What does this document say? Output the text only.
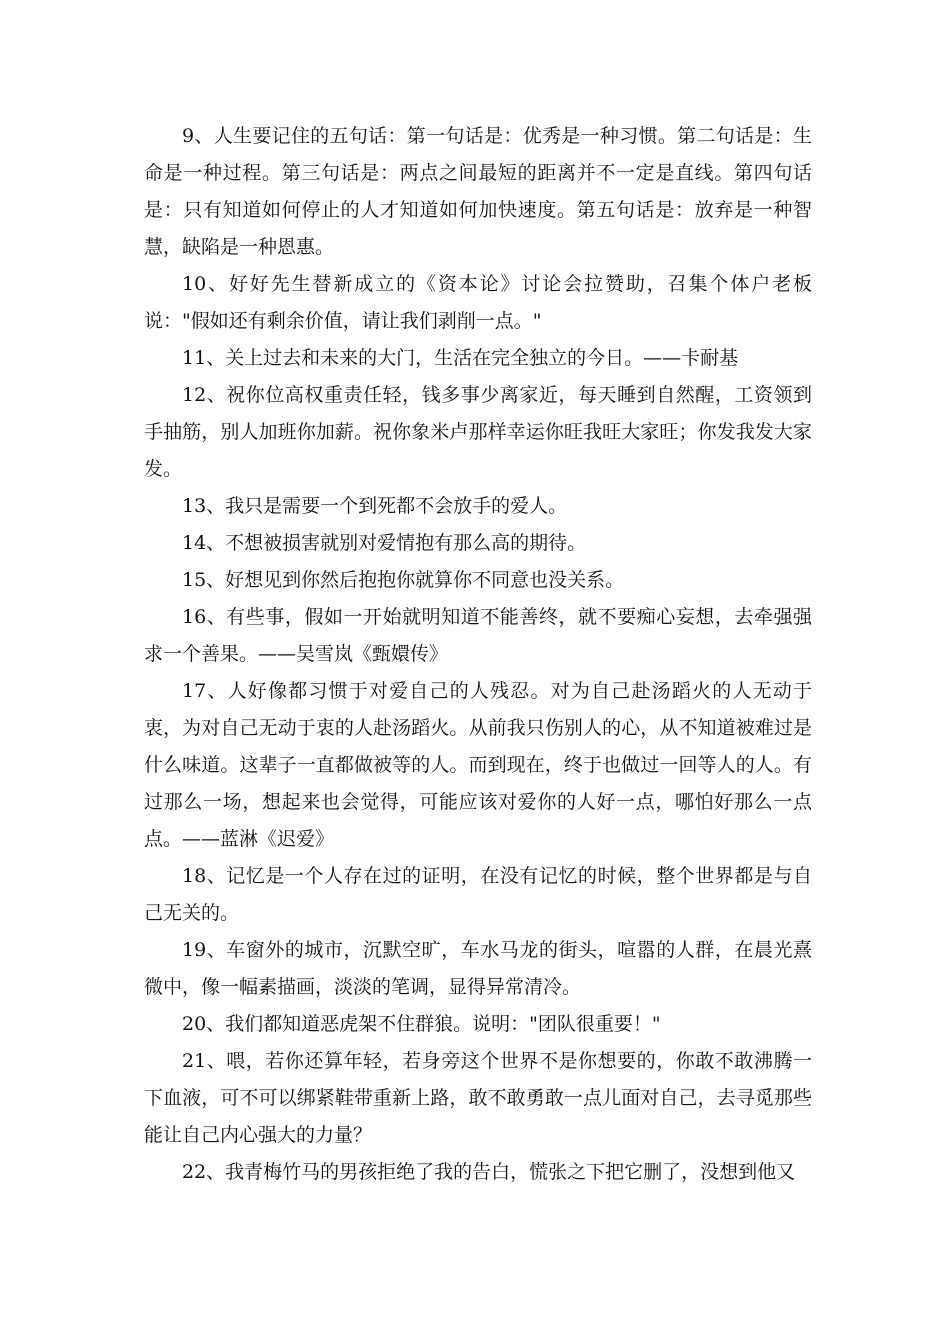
9、人生要记住的五句话：第一句话是：优秀是一种习惯。第二句话是：生命是一种过程。第三句话是：两点之间最短的距离并不一定是直线。第四句话是：只有知道如何停止的人才知道如何加快速度。第五句话是：放弃是一种智慧，缺陷是一种恩惠。

10、好好先生替新成立的《资本论》讨论会拉赞助，召集个体户老板说："假如还有剩余价值，请让我们剥削一点。"

11、关上过去和未来的大门，生活在完全独立的今日。——卡耐基

12、祝你位高权重责任轻，钱多事少离家近，每天睡到自然醒，工资领到手抽筋，别人加班你加薪。祝你象米卢那样幸运你旺我旺大家旺；你发我发大家发。

13、我只是需要一个到死都不会放手的爱人。

14、不想被损害就别对爱情抱有那么高的期待。

15、好想见到你然后抱抱你就算你不同意也没关系。

16、有些事，假如一开始就明知道不能善终，就不要痴心妄想，去牵强强求一个善果。——吴雪岚《甄嬛传》

17、人好像都习惯于对爱自己的人残忍。对为自己赴汤蹈火的人无动于衷，为对自己无动于衷的人赴汤蹈火。从前我只伤别人的心，从不知道被难过是什么味道。这辈子一直都做被等的人。而到现在，终于也做过一回等人的人。有过那么一场，想起来也会觉得，可能应该对爱你的人好一点，哪怕好那么一点点。——蓝淋《迟爱》

18、记忆是一个人存在过的证明，在没有记忆的时候，整个世界都是与自己无关的。

19、车窗外的城市，沉默空旷，车水马龙的街头，喧嚣的人群，在晨光熹微中，像一幅素描画，淡淡的笔调，显得异常清冷。

20、我们都知道恶虎架不住群狼。说明："团队很重要！"

21、喂，若你还算年轻，若身旁这个世界不是你想要的，你敢不敢沸腾一下血液，可不可以绑紧鞋带重新上路，敢不敢勇敢一点儿面对自己，去寻觅那些能让自己内心强大的力量？

22、我青梅竹马的男孩拒绝了我的告白，慌张之下把它删了，没想到他又
